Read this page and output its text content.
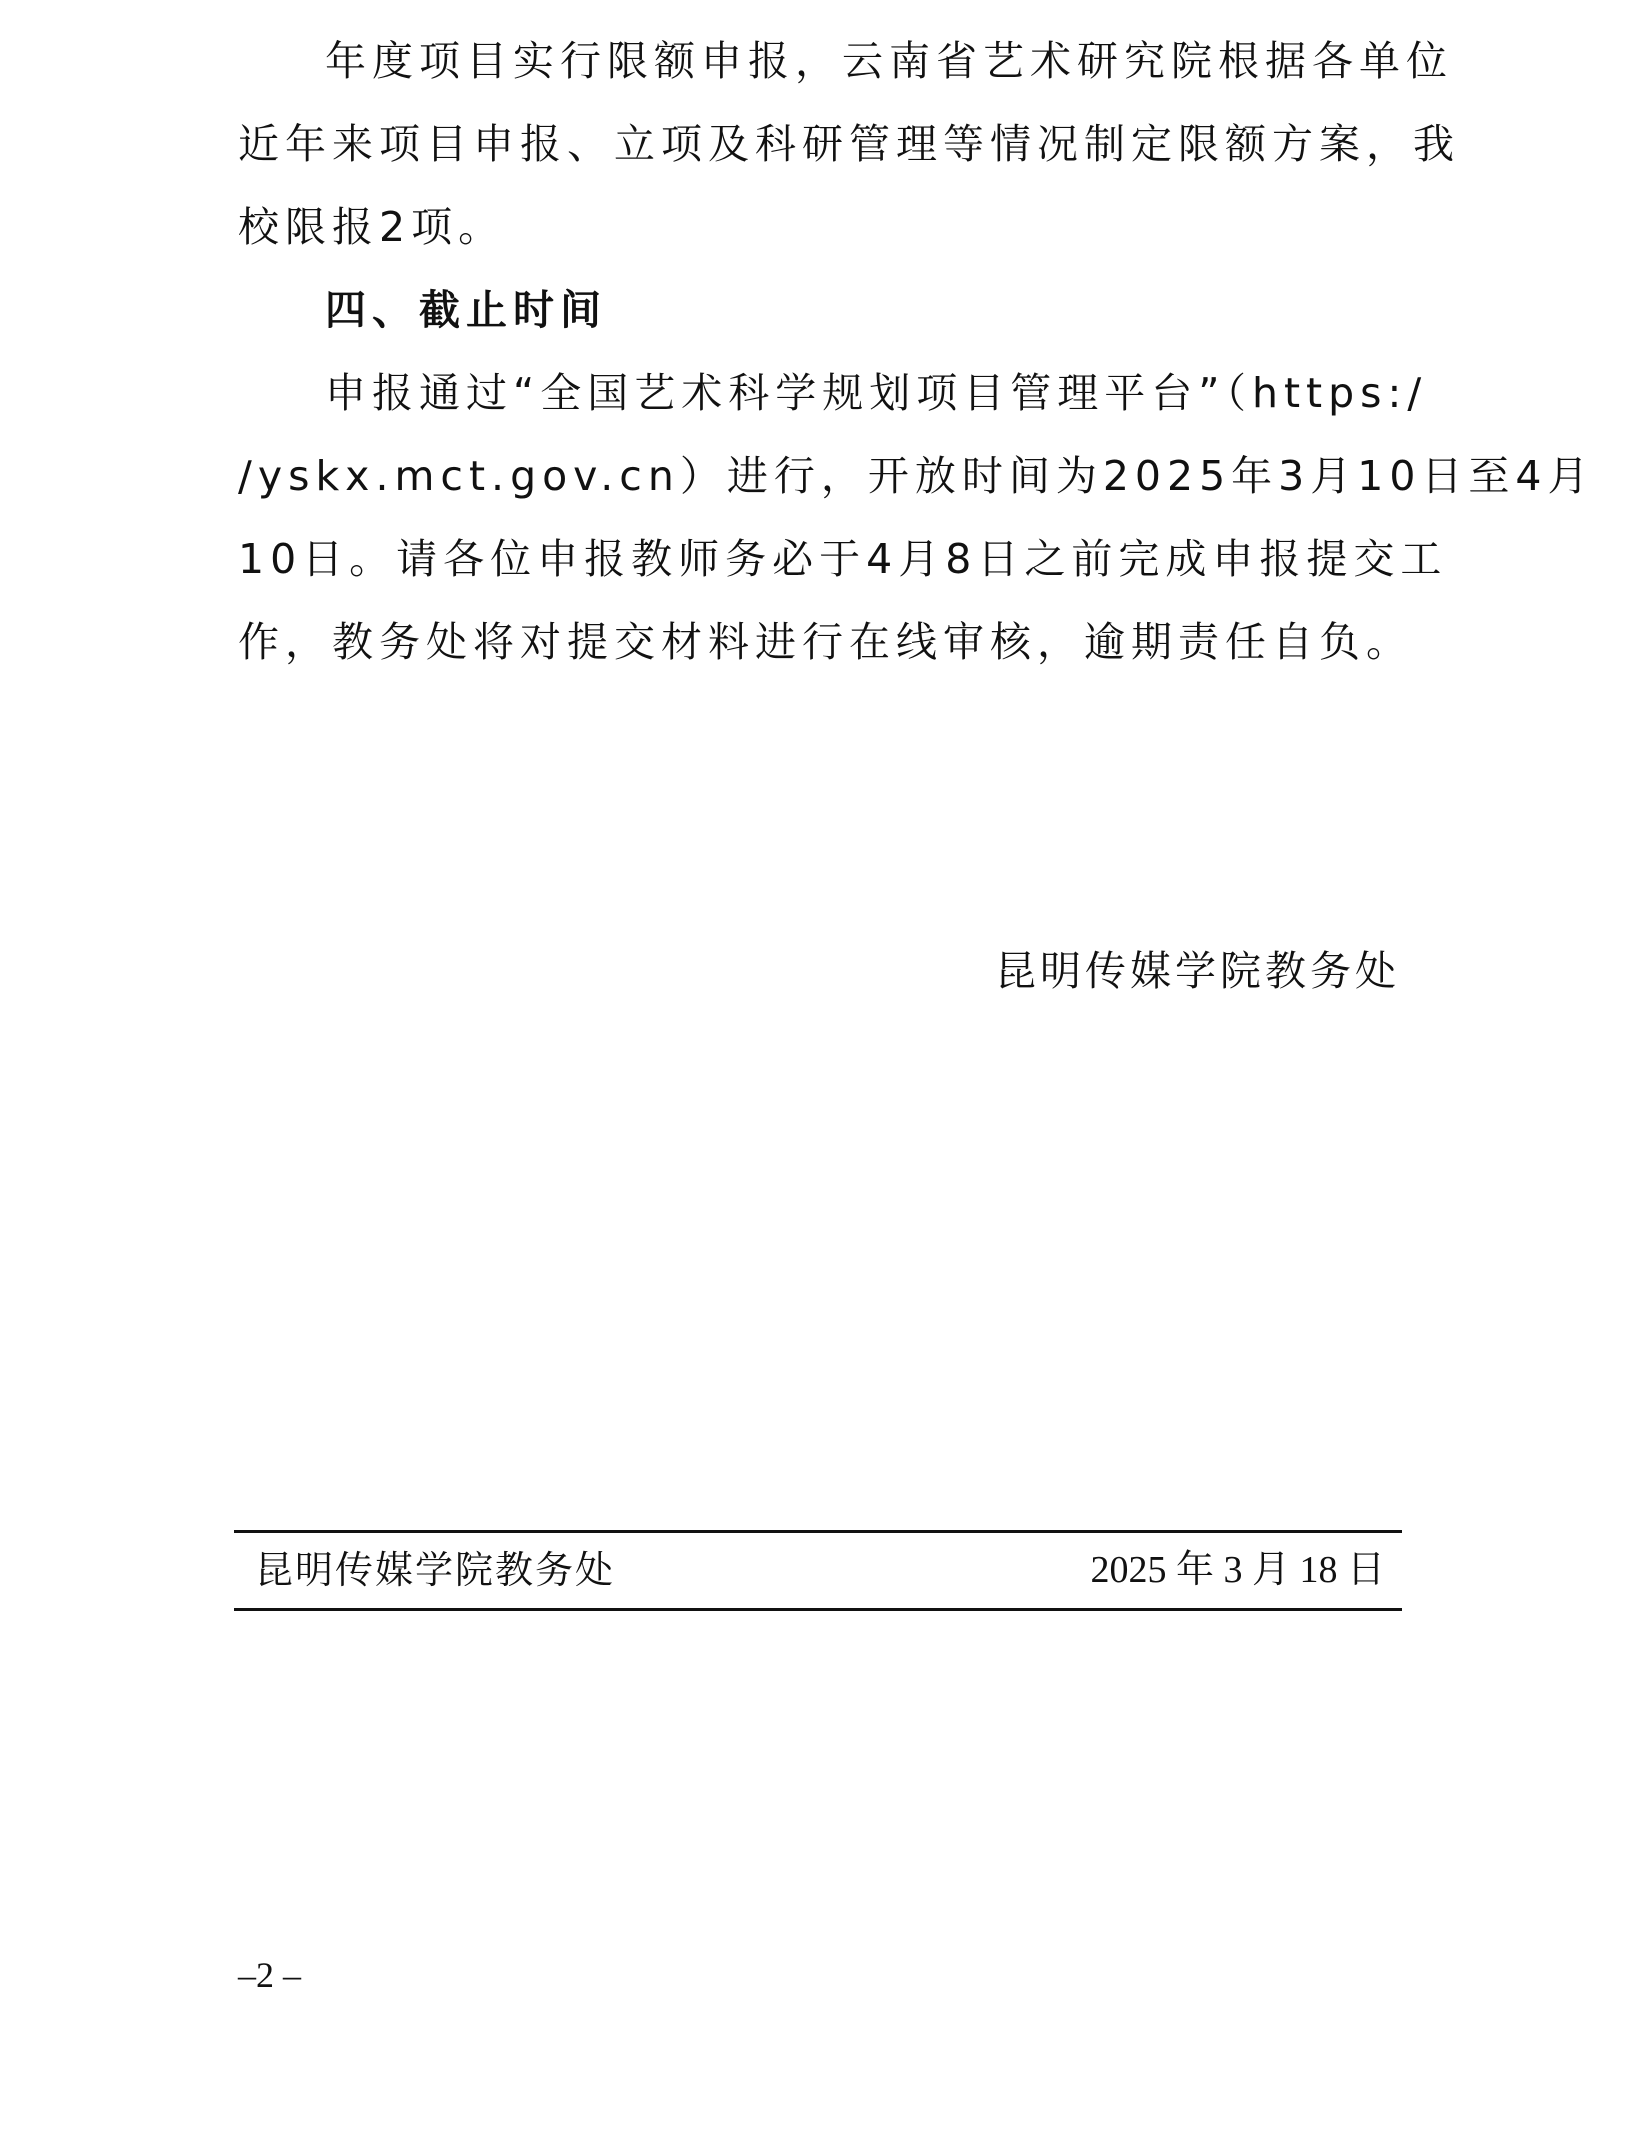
年度项目实行限额申报，云南省艺术研究院根据各单位

近年来项目申报、立项及科研管理等情况制定限额方案，我

校限报2项。

四、截止时间

申报通过“全国艺术科学规划项目管理平台”（https:/

/yskx.mct.gov.cn）进行，开放时间为2025年3月10日至4月

10日。请各位申报教师务必于4月8日之前完成申报提交工

作，教务处将对提交材料进行在线审核，逾期责任自负。

昆明传媒学院教务处
昆明传媒学院教务处	2025 年 3 月 18 日
–2 –
